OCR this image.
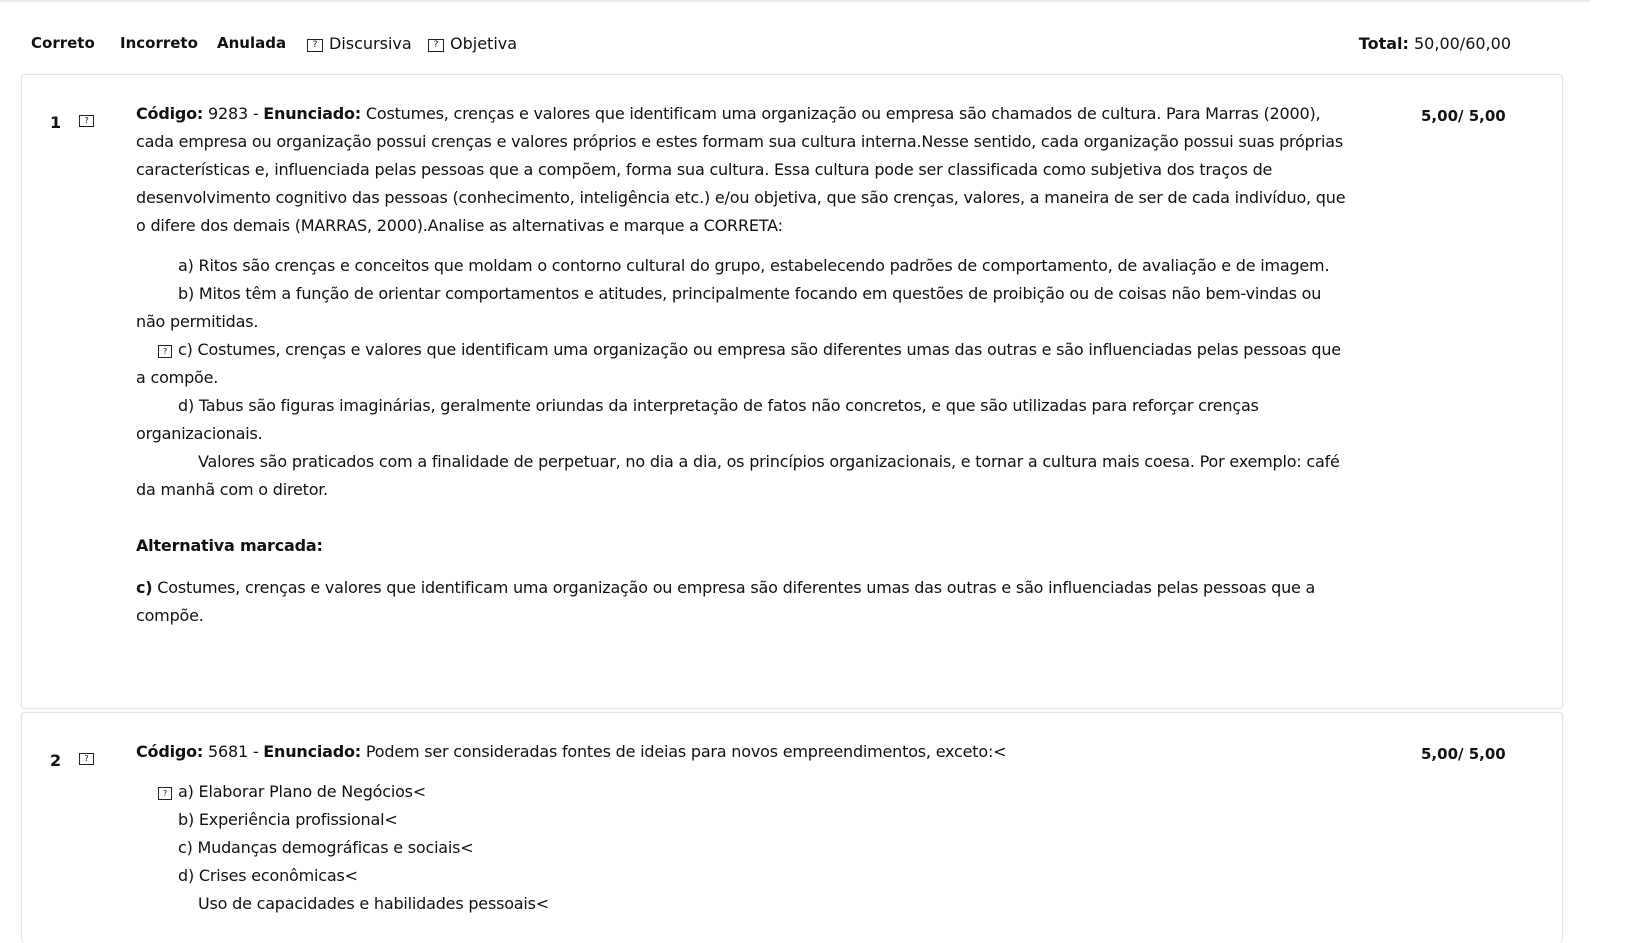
Correto Incorreto Anulada	? Discursiva	? Objetiva	Total: 50,00/60,00
1	?	5,00/ 5,00

Código: 9283 - Enunciado: Costumes, crenças e valores que identificam uma organização ou empresa são chamados de cultura. Para Marras (2000), cada empresa ou organização possui crenças e valores próprios e estes formam sua cultura interna.Nesse sentido, cada organização possui suas próprias características e, influenciada pelas pessoas que a compõem, forma sua cultura. Essa cultura pode ser classificada como subjetiva dos traços de desenvolvimento cognitivo das pessoas (conhecimento, inteligência etc.) e/ou objetiva, que são crenças, valores, a maneira de ser de cada indivíduo, que o difere dos demais (MARRAS, 2000).Analise as alternativas e marque a CORRETA:

a) Ritos são crenças e conceitos que moldam o contorno cultural do grupo, estabelecendo padrões de comportamento, de avaliação e de imagem.

b) Mitos têm a função de orientar comportamentos e atitudes, principalmente focando em questões de proibição ou de coisas não bem-vindas ou não permitidas.

? c) Costumes, crenças e valores que identificam uma organização ou empresa são diferentes umas das outras e são influenciadas pelas pessoas que a compõe.

d) Tabus são figuras imaginárias, geralmente oriundas da interpretação de fatos não concretos, e que são utilizadas para reforçar crenças organizacionais.

Valores são praticados com a finalidade de perpetuar, no dia a dia, os princípios organizacionais, e tornar a cultura mais coesa. Por exemplo: café da manhã com o diretor.

Alternativa marcada:

c) Costumes, crenças e valores que identificam uma organização ou empresa são diferentes umas das outras e são influenciadas pelas pessoas que a compõe.

2	?	5,00/ 5,00

Código: 5681 - Enunciado: Podem ser consideradas fontes de ideias para novos empreendimentos, exceto:<

? a) Elaborar Plano de Negócios<

b) Experiência profissional<

c) Mudanças demográficas e sociais<

d) Crises econômicas<

Uso de capacidades e habilidades pessoais<
